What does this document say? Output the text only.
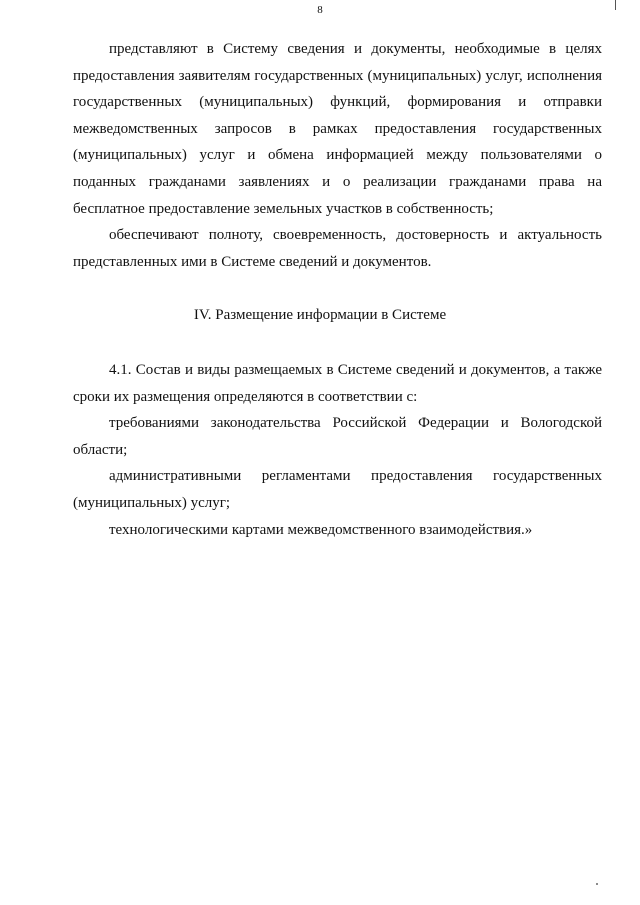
8

представляют в Систему сведения и документы, необходимые в целях предоставления заявителям государственных (муниципальных) услуг, исполнения государственных (муниципальных) функций, формирования и отправки межведомственных запросов в рамках предоставления государственных (муниципальных) услуг и обмена информацией между пользователями о поданных гражданами заявлениях и о реализации гражданами права на бесплатное предоставление земельных участков в собственность;

обеспечивают полноту, своевременность, достоверность и актуальность представленных ими в Системе сведений и документов.

IV. Размещение информации в Системе

4.1. Состав и виды размещаемых в Системе сведений и документов, а также сроки их размещения определяются в соответствии с:

требованиями законодательства Российской Федерации и Вологодской области;

административными регламентами предоставления государственных (муниципальных) услуг;

технологическими картами межведомственного взаимодействия.»
